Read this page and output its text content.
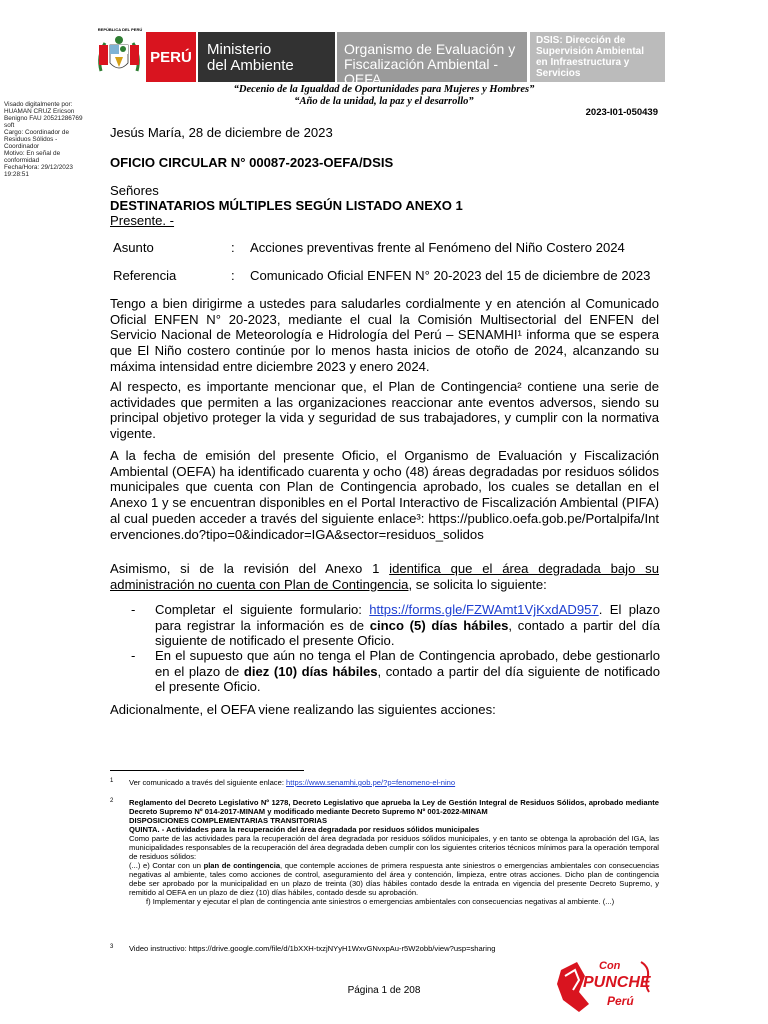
REPÚBLICA DEL PERÚ
PERÚ Ministerio
del Ambiente
Organismo de Evaluación y
Fiscalización Ambiental - OEFA
DSIS: Dirección de
Supervisión Ambiental
en Infraestructura y
Servicios
“Decenio de la Igualdad de Oportunidades para Mujeres y Hombres”
“Año de la unidad, la paz y el desarrollo”
2023-I01-050439
Visado digitalmente por:
HUAMAN CRUZ Ericson
Benigno FAU 20521286769
soft
Cargo: Coordinador de
Residuos Sólidos - Coordinador
Motivo: En señal de
conformidad
Fecha/Hora: 29/12/2023
19:28:51
Jesús María, 28 de diciembre de 2023
OFICIO CIRCULAR N° 00087-2023-OEFA/DSIS
Señores
DESTINATARIOS MÚLTIPLES SEGÚN LISTADO ANEXO 1
Presente. -
Asunto	: Acciones preventivas frente al Fenómeno del Niño Costero 2024
Referencia	: Comunicado Oficial ENFEN N° 20-2023 del 15 de diciembre de 2023
Tengo a bien dirigirme a ustedes para saludarles cordialmente y en atención al Comunicado Oficial ENFEN N° 20-2023, mediante el cual la Comisión Multisectorial del ENFEN del Servicio Nacional de Meteorología e Hidrología del Perú – SENAMHI¹ informa que se espera que El Niño costero continúe por lo menos hasta inicios de otoño de 2024, alcanzando su máxima intensidad entre diciembre 2023 y enero 2024.
Al respecto, es importante mencionar que, el Plan de Contingencia² contiene una serie de actividades que permiten a las organizaciones reaccionar ante eventos adversos, siendo su principal objetivo proteger la vida y seguridad de sus trabajadores, y cumplir con la normativa vigente.
A la fecha de emisión del presente Oficio, el Organismo de Evaluación y Fiscalización Ambiental (OEFA) ha identificado cuarenta y ocho (48) áreas degradadas por residuos sólidos municipales que cuenta con Plan de Contingencia aprobado, los cuales se detallan en el Anexo 1 y se encuentran disponibles en el Portal Interactivo de Fiscalización Ambiental (PIFA) al cual pueden acceder a través del siguiente enlace³: https://publico.oefa.gob.pe/Portalpifa/Intervenciones.do?tipo=0&indicador=IGA&sector=residuos_solidos
Asimismo, si de la revisión del Anexo 1 identifica que el área degradada bajo su administración no cuenta con Plan de Contingencia, se solicita lo siguiente:
- Completar el siguiente formulario: https://forms.gle/FZWAmt1VjKxdAD957. El plazo para registrar la información es de cinco (5) días hábiles, contado a partir del día siguiente de notificado el presente Oficio.
- En el supuesto que aún no tenga el Plan de Contingencia aprobado, debe gestionarlo en el plazo de diez (10) días hábiles, contado a partir del día siguiente de notificado el presente Oficio.
Adicionalmente, el OEFA viene realizando las siguientes acciones:
1 Ver comunicado a través del siguiente enlace: https://www.senamhi.gob.pe/?p=fenomeno-el-nino
2 Reglamento del Decreto Legislativo Nº 1278, Decreto Legislativo que aprueba la Ley de Gestión Integral de Residuos Sólidos, aprobado mediante Decreto Supremo Nº 014-2017-MINAM y modificado mediante Decreto Supremo Nº 001-2022-MINAM
DISPOSICIONES COMPLEMENTARIAS TRANSITORIAS
QUINTA. - Actividades para la recuperación del área degradada por residuos sólidos municipales
Como parte de las actividades para la recuperación del área degradada por residuos sólidos municipales, y en tanto se obtenga la aprobación del IGA, las municipalidades responsables de la recuperación del área degradada deben cumplir con los siguientes criterios técnicos mínimos para la operación temporal de residuos sólidos:
(...) e) Contar con un plan de contingencia, que contemple acciones de primera respuesta ante siniestros o emergencias ambientales con consecuencias negativas al ambiente, tales como acciones de control, aseguramiento del área y contención, limpieza, entre otras acciones. Dicho plan de contingencia debe ser aprobado por la municipalidad en un plazo de treinta (30) días hábiles contado desde la entrada en vigencia del presente Decreto Supremo, y remitido al OEFA en un plazo de diez (10) días hábiles, contado desde su aprobación.
f) Implementar y ejecutar el plan de contingencia ante siniestros o emergencias ambientales con consecuencias negativas al ambiente. (...)
3 Video instructivo: https://drive.google.com/file/d/1bXXH-txzjNYyH1WxvGNvxpAu-r5W2obb/view?usp=sharing
Página 1 de 208
Con
PUNCHE
Perú
